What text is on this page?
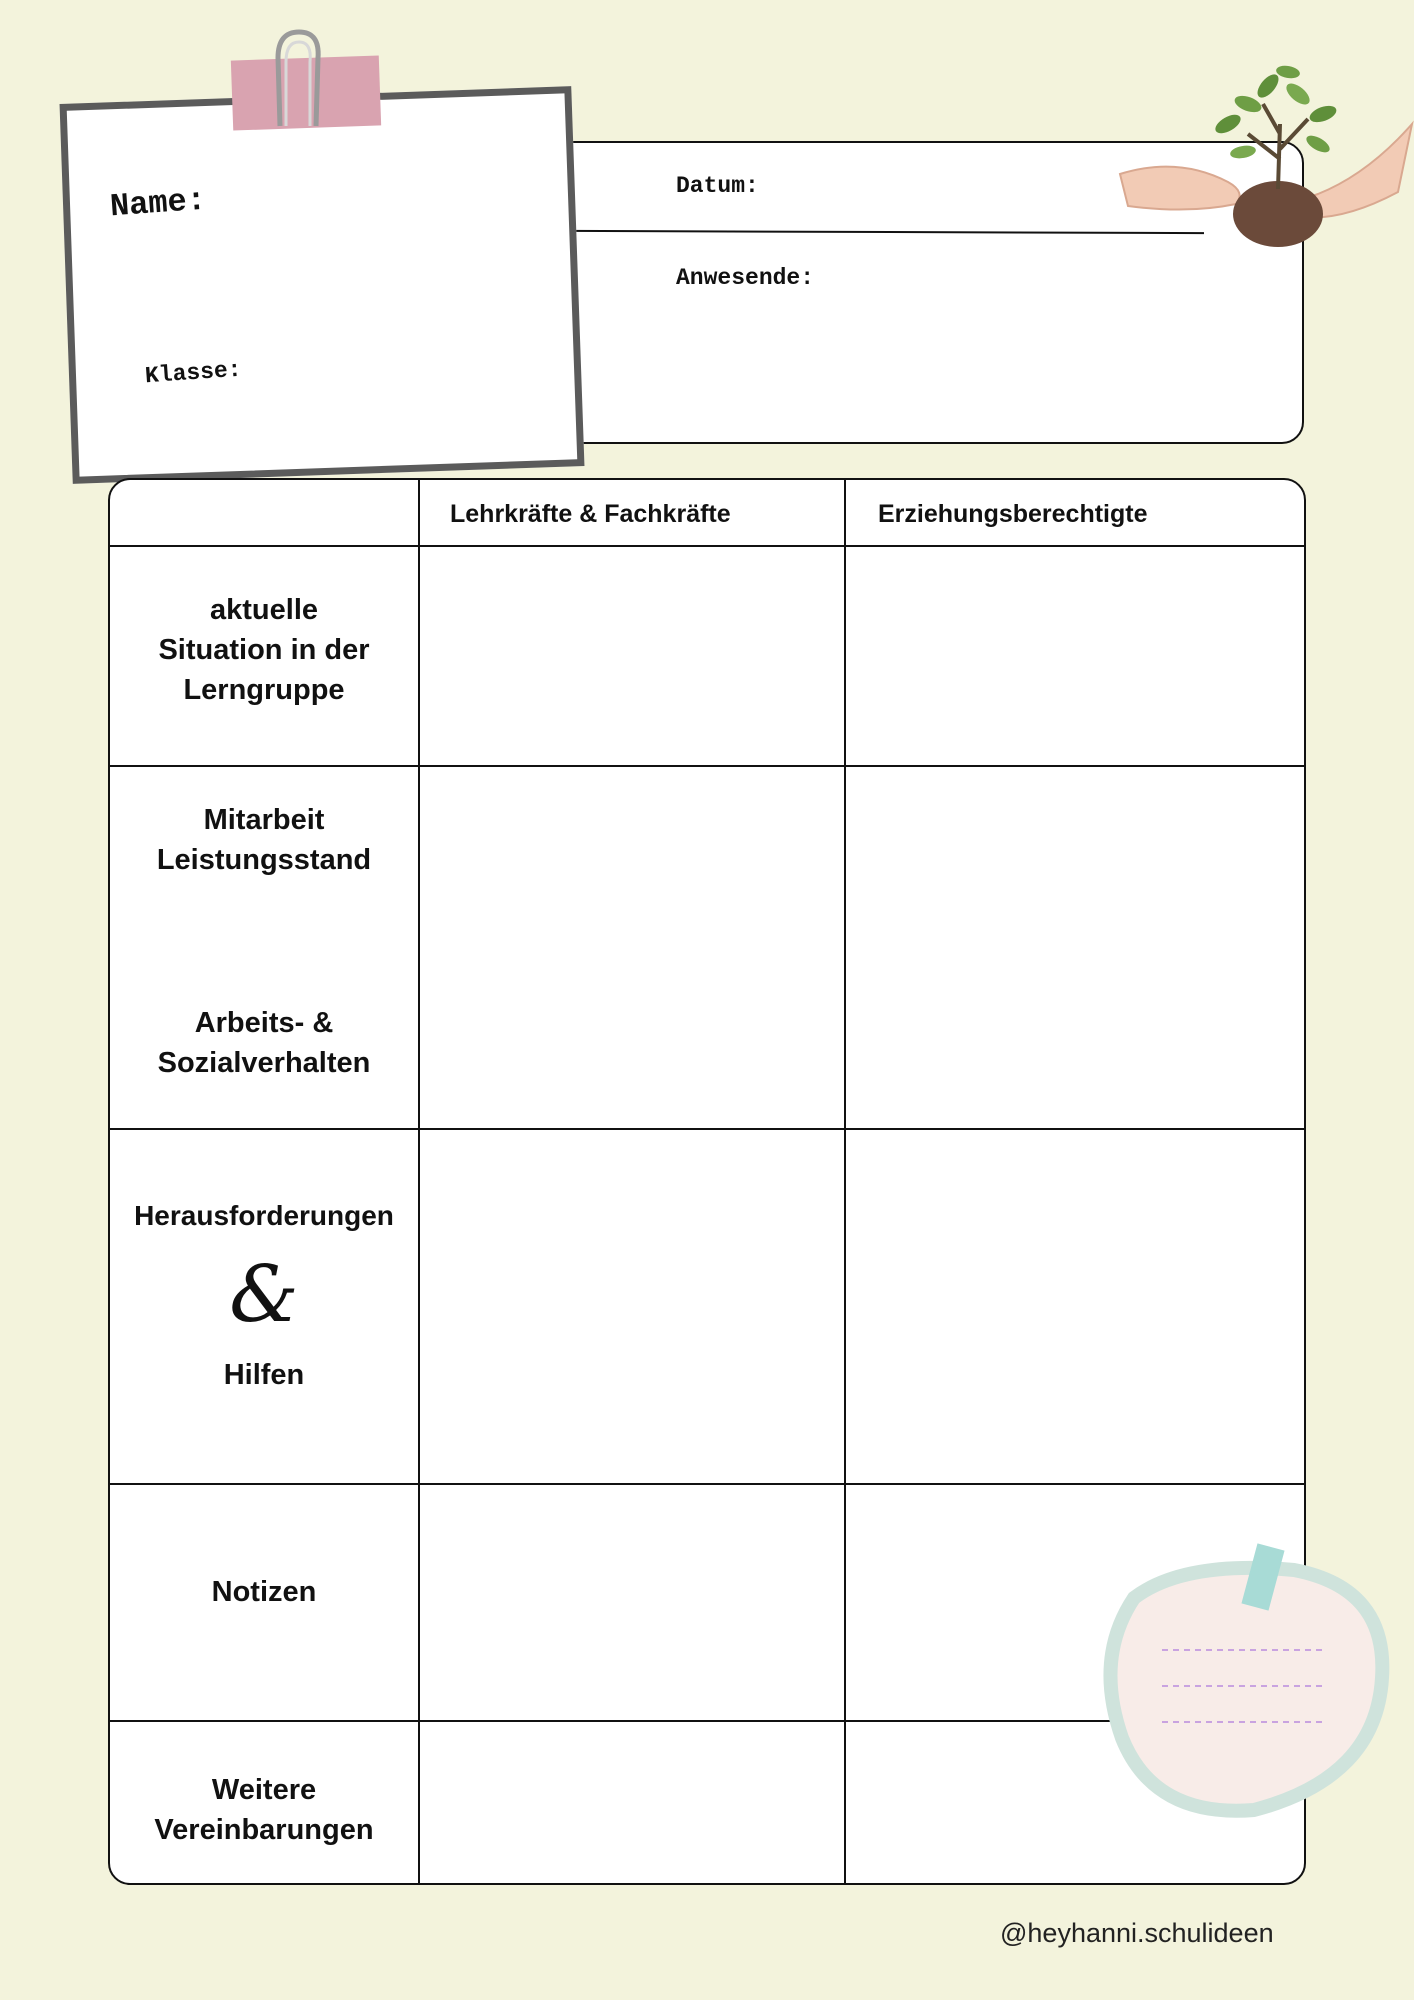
Datum:
Anwesende:
Name:
Klasse:
Lehrkräfte & Fachkräfte	Erziehungsberechtigte
aktuelle
Situation in der
Lerngruppe
Mitarbeit
Leistungsstand
Arbeits- &
Sozialverhalten
Herausforderungen
&
Hilfen
Notizen
Weitere
Vereinbarungen
@heyhanni.schulideen
